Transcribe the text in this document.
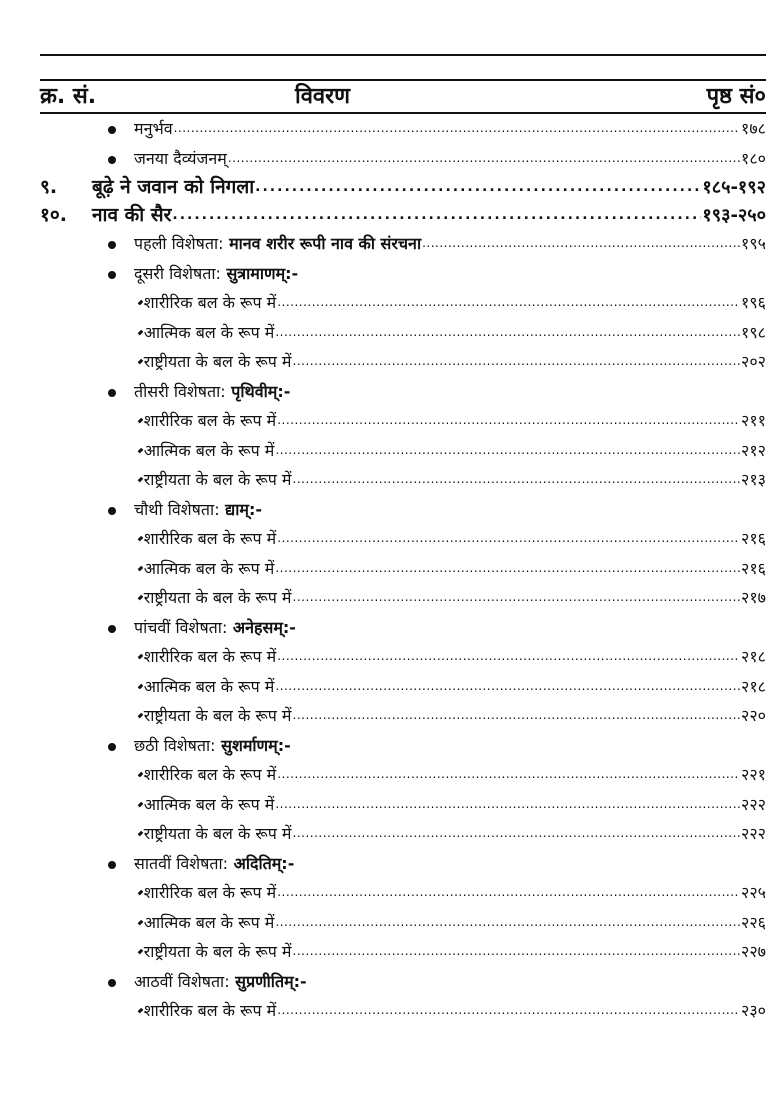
क्र. सं.	विवरण	पृष्ठ सं०
मनुर्भव .....	१७८
जनया दैव्यंजनम् .....	१८०
९.	बूढ़े ने जवान को निगला .....	१८५-१९२
१०.	नाव की सैर .....	१९३-२५०
पहली विशेषता: मानव शरीर रूपी नाव की संरचना .....	१९५
दूसरी विशेषता: सुत्रामाणम्:-
शारीरिक बल के रूप में .....	१९६
आत्मिक बल के रूप में .....	१९८
राष्ट्रीयता के बल के रूप में .....	२०२
तीसरी विशेषता: पृथिवीम्:-
शारीरिक बल के रूप में .....	२११
आत्मिक बल के रूप में .....	२१२
राष्ट्रीयता के बल के रूप में .....	२१३
चौथी विशेषता: द्याम्:-
शारीरिक बल के रूप में .....	२१६
आत्मिक बल के रूप में .....	२१६
राष्ट्रीयता के बल के रूप में .....	२१७
पांचवीं विशेषता: अनेहसम्:-
शारीरिक बल के रूप में .....	२१८
आत्मिक बल के रूप में .....	२१८
राष्ट्रीयता के बल के रूप में .....	२२०
छठी विशेषता: सुशर्माणम्:-
शारीरिक बल के रूप में .....	२२१
आत्मिक बल के रूप में .....	२२२
राष्ट्रीयता के बल के रूप में .....	२२२
सातवीं विशेषता: अदितिम्:-
शारीरिक बल के रूप में .....	२२५
आत्मिक बल के रूप में .....	२२६
राष्ट्रीयता के बल के रूप में .....	२२७
आठवीं विशेषता: सुप्रणीतिम्:-
शारीरिक बल के रूप में .....	२३०
